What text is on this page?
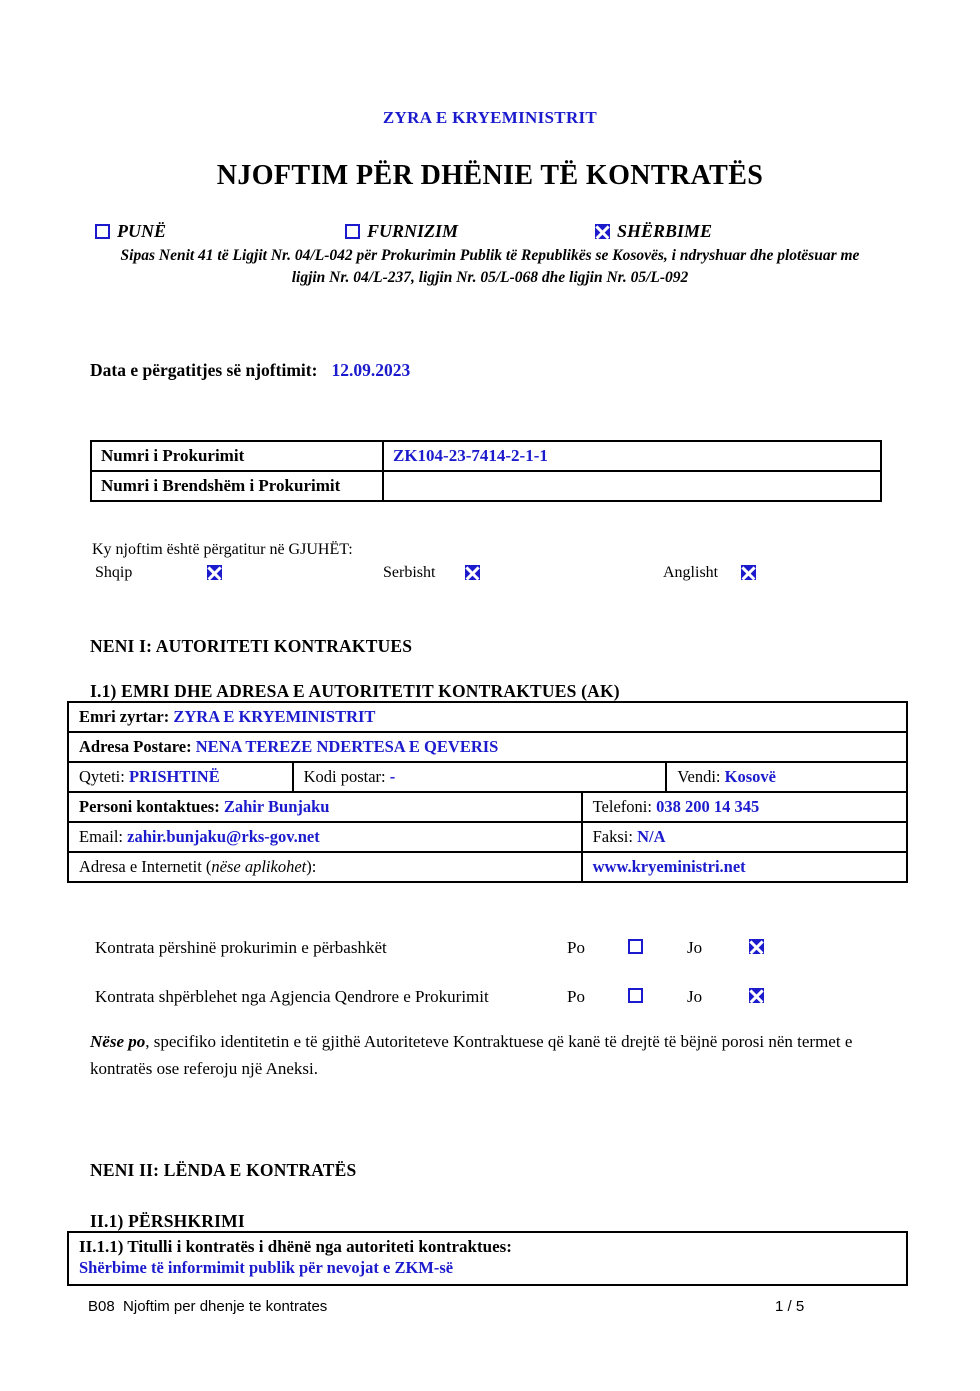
ZYRA E KRYEMINISTRIT
NJOFTIM PËR DHËNIE TË KONTRATËS
PUNË	FURNIZIM	SHËRBIME
Sipas Nenit 41 të Ligjit Nr. 04/L-042 për Prokurimin Publik të Republikës se Kosovës, i ndryshuar dhe plotësuar me
ligjin Nr. 04/L-237, ligjin Nr. 05/L-068 dhe ligjin Nr. 05/L-092
Data e përgatitjes së njoftimit: 12.09.2023
Numri i Prokurimit	ZK104-23-7414-2-1-1
Numri i Brendshëm i Prokurimit	
Ky njoftim është përgatitur në GJUHËT:
Shqip	Serbisht	Anglisht
NENI I: AUTORITETI KONTRAKTUES
I.1) EMRI DHE ADRESA E AUTORITETIT KONTRAKTUES (AK)
Emri zyrtar: ZYRA E KRYEMINISTRIT			
Adresa Postare: NENA TEREZE NDERTESA E QEVERIS			
Qyteti: PRISHTINË	Kodi postar: -		Vendi: Kosovë
Personi kontaktues: Zahir Bunjaku		Telefoni: 038 200 14 345	
Email: zahir.bunjaku@rks-gov.net		Faksi: N/A	
Adresa e Internetit (nëse aplikohet):		www.kryeministri.net	
Kontrata përshinë prokurimin e përbashkët	Po	Jo
Kontrata shpërblehet nga Agjencia Qendrore e Prokurimit	Po	Jo
Nëse po, specifiko identitetin e të gjithë Autoriteteve Kontraktuese që kanë të drejtë të bëjnë porosi nën termet e kontratës ose referoju një Aneksi.
NENI II: LËNDA E KONTRATËS
II.1) PËRSHKRIMI
II.1.1) Titulli i kontratës i dhënë nga autoriteti kontraktues:
Shërbime të informimit publik për nevojat e ZKM-së
B08  Njoftim per dhenje te kontrates	1 / 5
